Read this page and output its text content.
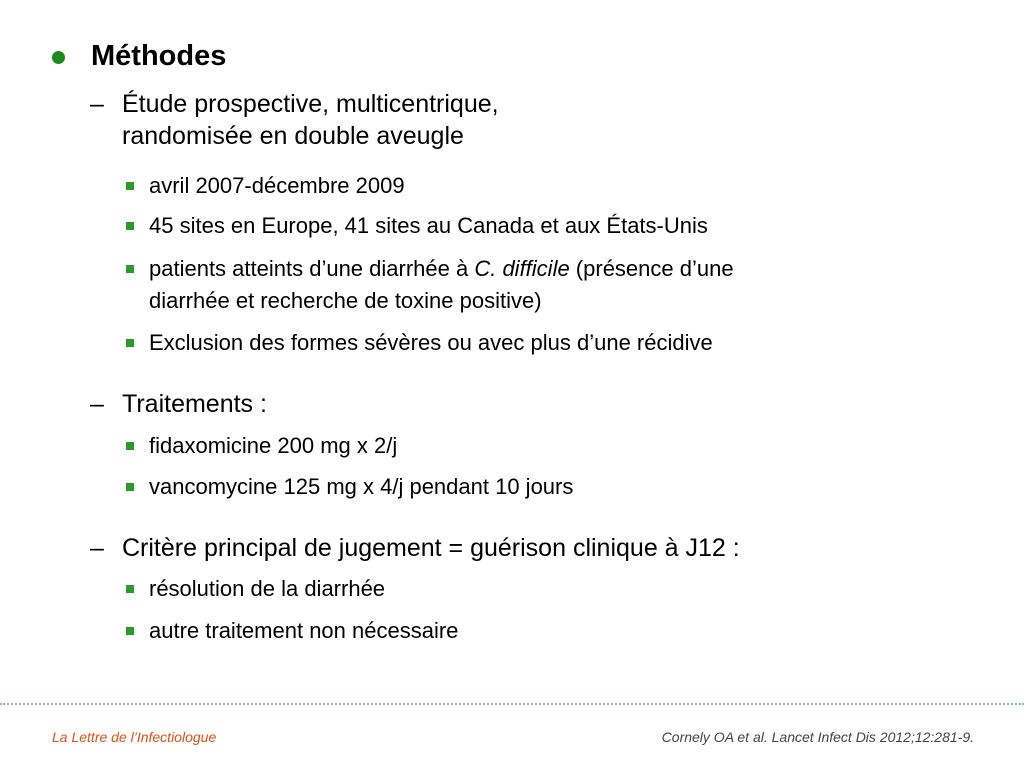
Méthodes
– Étude prospective, multicentrique,
randomisée en double aveugle
avril 2007-décembre 2009
45 sites en Europe, 41 sites au Canada et aux États-Unis
patients atteints d’une diarrhée à C. difficile (présence d’une
diarrhée et recherche de toxine positive)
Exclusion des formes sévères ou avec plus d’une récidive
– Traitements :
fidaxomicine 200 mg x 2/j
vancomycine 125 mg x 4/j pendant 10 jours
– Critère principal de jugement = guérison clinique à J12 :
résolution de la diarrhée
autre traitement non nécessaire
La Lettre de l’Infectiologue	Cornely OA et al. Lancet Infect Dis 2012;12:281-9.
